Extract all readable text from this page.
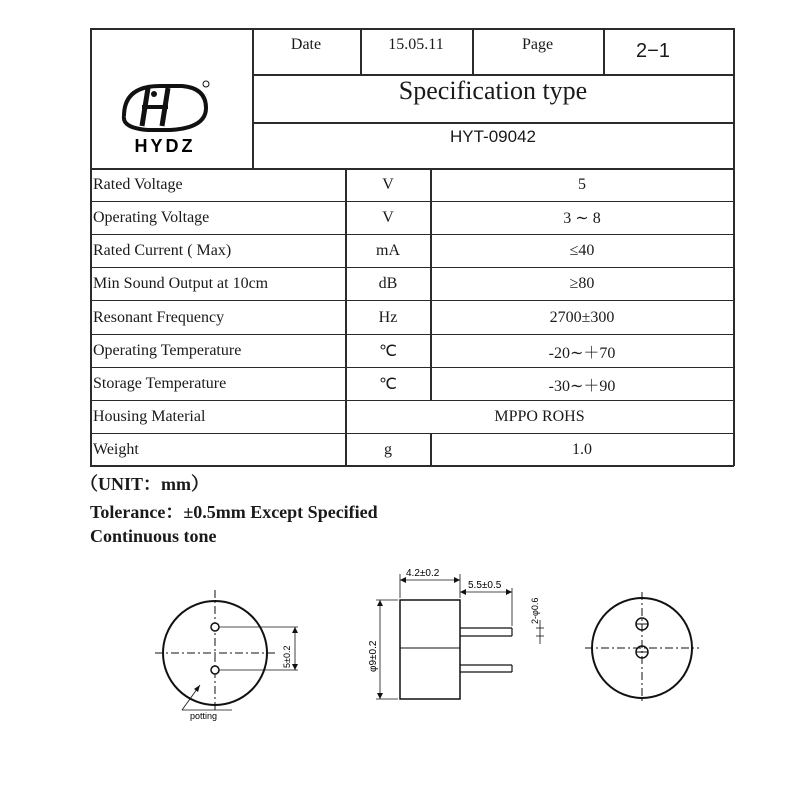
HYDZ
Date	15.05.11	Page	2−1
Specification type
HYT-09042
Rated Voltage	V	5
Operating Voltage	V	3 ∼ 8
Rated Current ( Max)	mA	≤40
Min Sound Output at 10cm	dB	≥80
Resonant Frequency	Hz	2700±300
Operating Temperature	℃	-20∼＋70
Storage Temperature	℃	-30∼＋90
Housing Material	MPPO ROHS
Weight	g	1.0
（UNIT：mm）
Tolerance：±0.5mm Except Specified
Continuous tone
5±0.2
potting
4.2±0.2
5.5±0.5
2-φ0.6
φ9±0.2
